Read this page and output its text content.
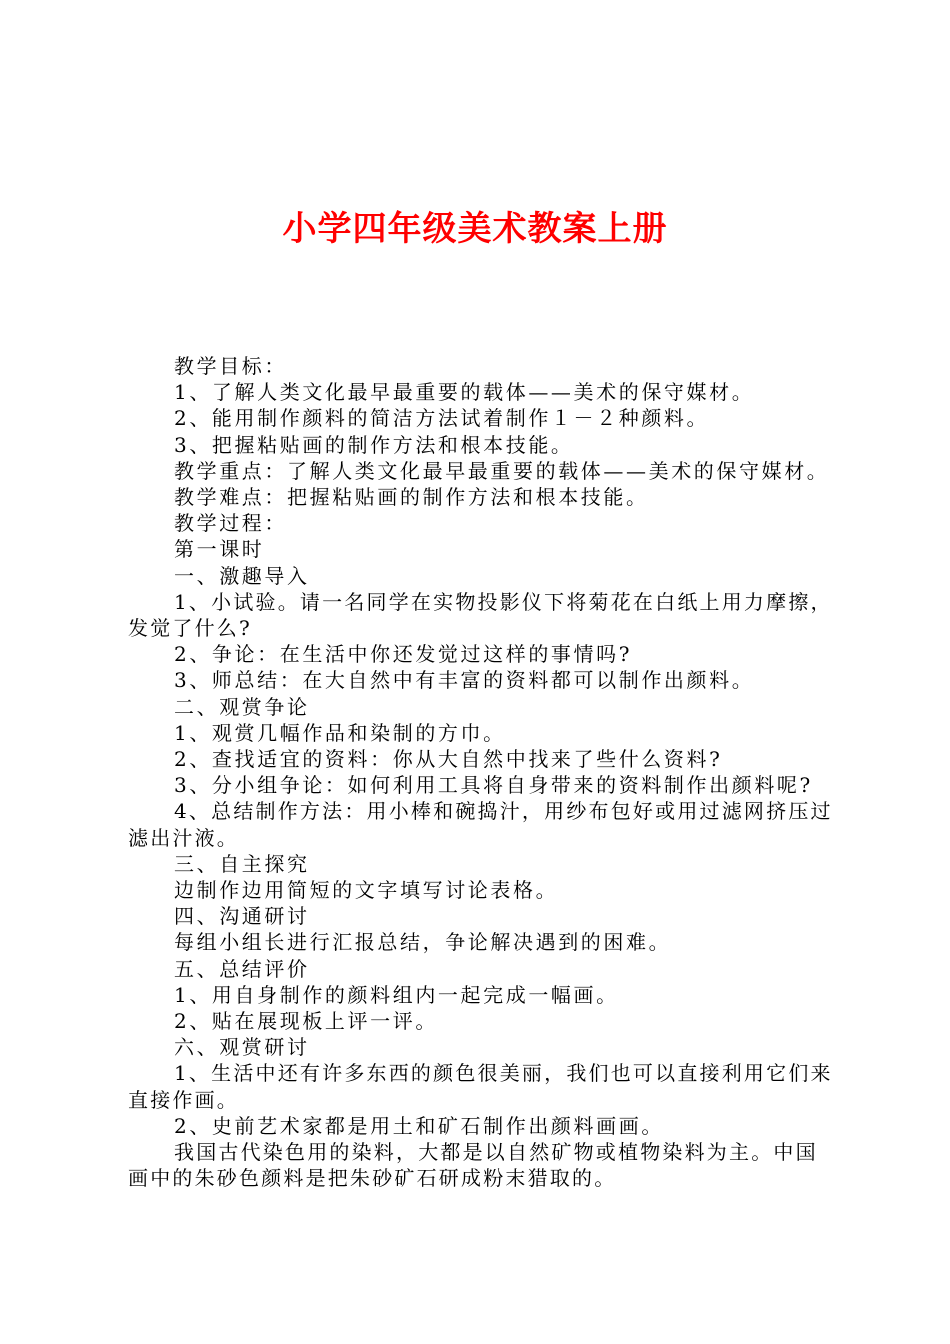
小学四年级美术教案上册

教学目标：

1、了解人类文化最早最重要的载体——美术的保守媒材。

2、能用制作颜料的简洁方法试着制作１－２种颜料。

3、把握粘贴画的制作方法和根本技能。

教学重点：了解人类文化最早最重要的载体——美术的保守媒材。

教学难点：把握粘贴画的制作方法和根本技能。

教学过程：

第一课时

一、激趣导入

1、小试验。请一名同学在实物投影仪下将菊花在白纸上用力摩擦，发觉了什么?

2、争论：在生活中你还发觉过这样的事情吗?

3、师总结：在大自然中有丰富的资料都可以制作出颜料。

二、观赏争论

1、观赏几幅作品和染制的方巾。

2、查找适宜的资料：你从大自然中找来了些什么资料?

3、分小组争论：如何利用工具将自身带来的资料制作出颜料呢?

4、总结制作方法：用小棒和碗捣汁，用纱布包好或用过滤网挤压过滤出汁液。

三、自主探究

边制作边用简短的文字填写讨论表格。

四、沟通研讨

每组小组长进行汇报总结，争论解决遇到的困难。

五、总结评价

1、用自身制作的颜料组内一起完成一幅画。

2、贴在展现板上评一评。

六、观赏研讨

1、生活中还有许多东西的颜色很美丽，我们也可以直接利用它们来直接作画。

2、史前艺术家都是用土和矿石制作出颜料画画。

我国古代染色用的染料，大都是以自然矿物或植物染料为主。中国画中的朱砂色颜料是把朱砂矿石研成粉末猎取的。
